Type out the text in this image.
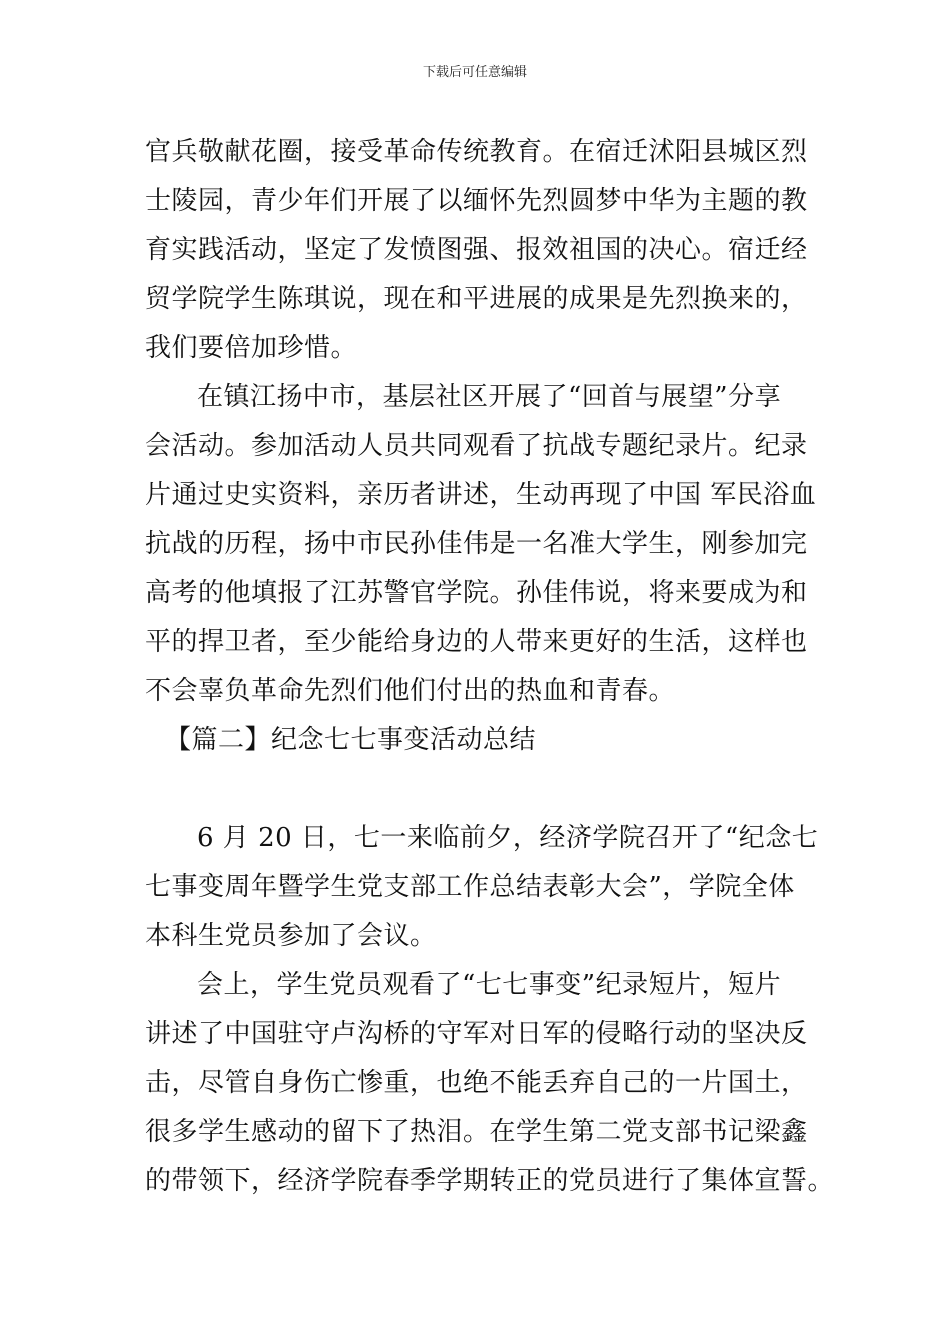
下载后可任意编辑

官兵敬献花圈，接受革命传统教育。在宿迁沭阳县城区烈
士陵园，青少年们开展了以缅怀先烈圆梦中华为主题的教
育实践活动，坚定了发愤图强、报效祖国的决心。宿迁经
贸学院学生陈琪说，现在和平进展的成果是先烈换来的，
我们要倍加珍惜。

在镇江扬中市，基层社区开展了“回首与展望”分享
会活动。参加活动人员共同观看了抗战专题纪录片。纪录
片通过史实资料，亲历者讲述，生动再现了中国 军民浴血
抗战的历程，扬中市民孙佳伟是一名准大学生，刚参加完
高考的他填报了江苏警官学院。孙佳伟说，将来要成为和
平的捍卫者，至少能给身边的人带来更好的生活，这样也
不会辜负革命先烈们他们付出的热血和青春。

【篇二】纪念七七事变活动总结

6 月 20 日，七一来临前夕，经济学院召开了“纪念七
七事变周年暨学生党支部工作总结表彰大会”，学院全体
本科生党员参加了会议。

会上，学生党员观看了“七七事变”纪录短片，短片
讲述了中国驻守卢沟桥的守军对日军的侵略行动的坚决反
击，尽管自身伤亡惨重，也绝不能丢弃自己的一片国土，
很多学生感动的留下了热泪。在学生第二党支部书记梁鑫
的带领下，经济学院春季学期转正的党员进行了集体宣誓。
